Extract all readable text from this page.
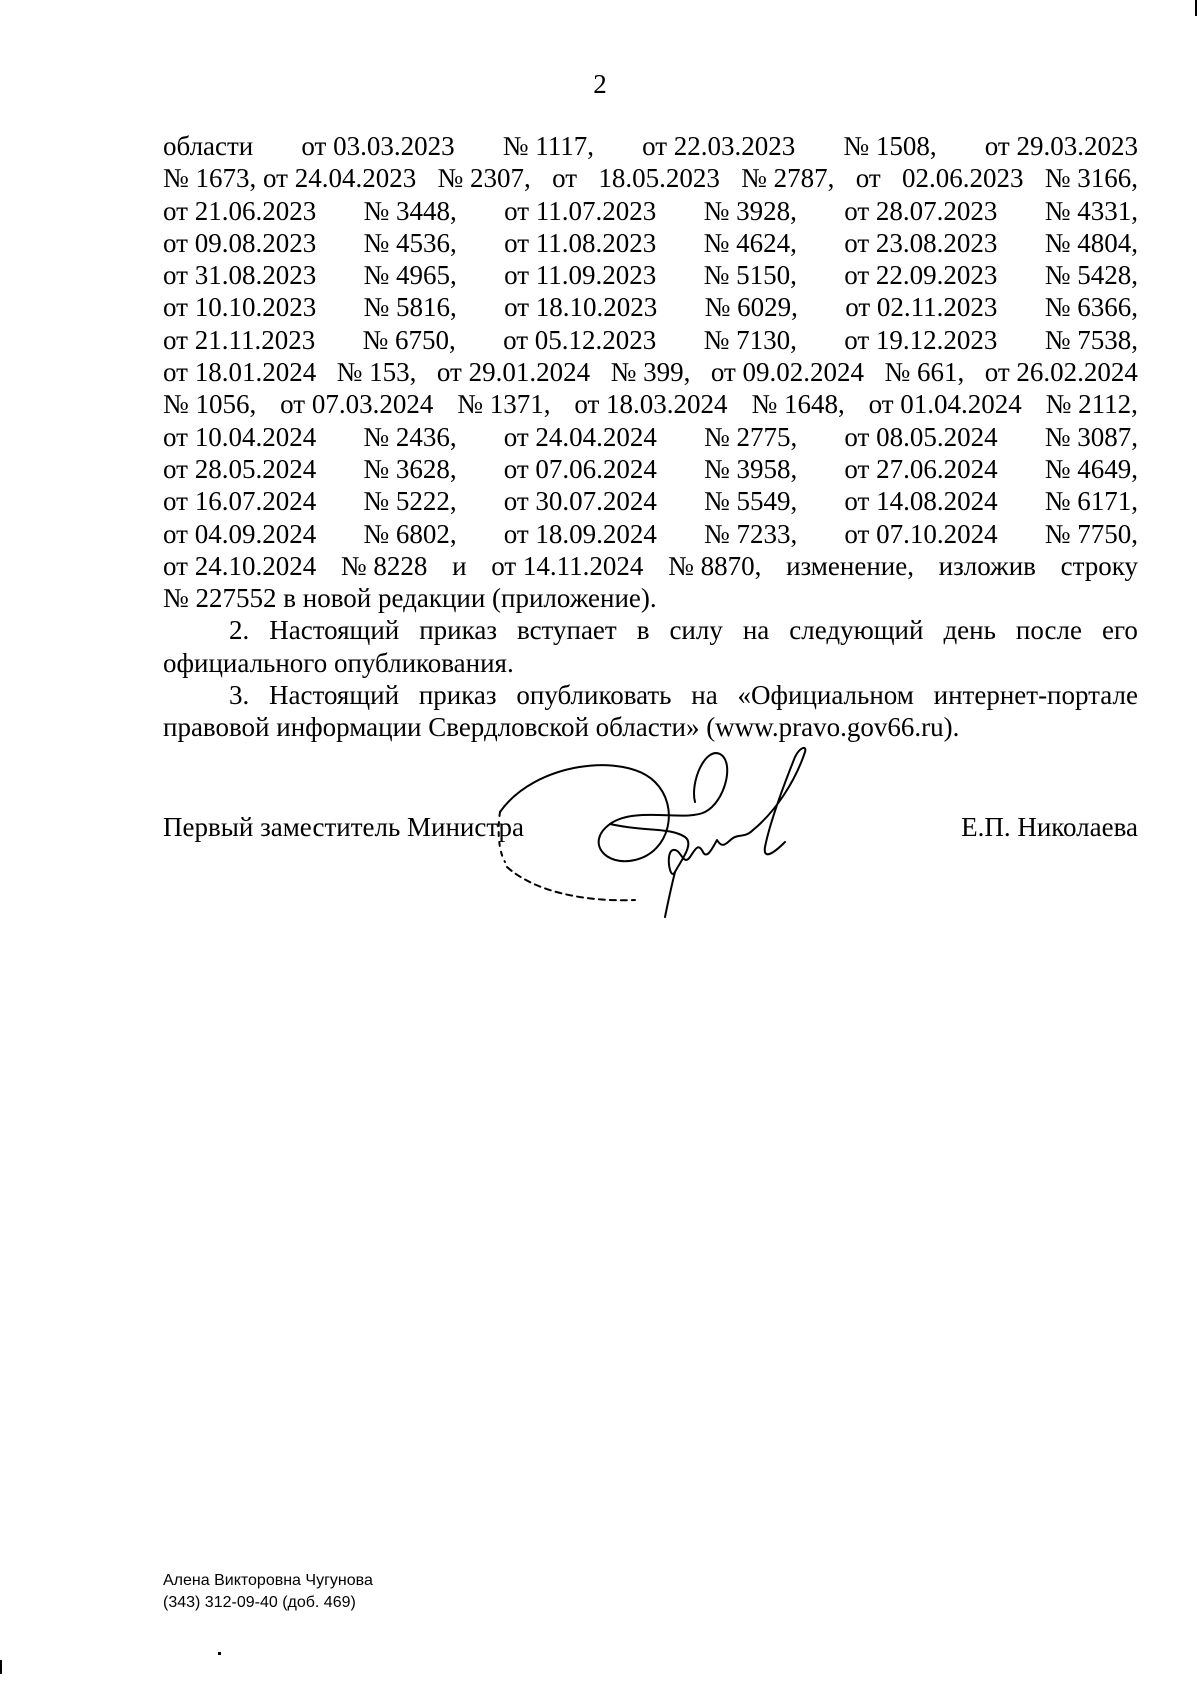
2
области от 03.03.2023 № 1117, от 22.03.2023 № 1508, от 29.03.2023
№ 1673, от 24.04.2023 № 2307, от 18.05.2023 № 2787, от 02.06.2023 № 3166,
от 21.06.2023 № 3448, от 11.07.2023 № 3928, от 28.07.2023 № 4331,
от 09.08.2023 № 4536, от 11.08.2023 № 4624, от 23.08.2023 № 4804,
от 31.08.2023 № 4965, от 11.09.2023 № 5150, от 22.09.2023 № 5428,
от 10.10.2023 № 5816, от 18.10.2023 № 6029, от 02.11.2023 № 6366,
от 21.11.2023 № 6750, от 05.12.2023 № 7130, от 19.12.2023 № 7538,
от 18.01.2024 № 153, от 29.01.2024 № 399, от 09.02.2024 № 661, от 26.02.2024
№ 1056, от 07.03.2024 № 1371, от 18.03.2024 № 1648, от 01.04.2024 № 2112,
от 10.04.2024 № 2436, от 24.04.2024 № 2775, от 08.05.2024 № 3087,
от 28.05.2024 № 3628, от 07.06.2024 № 3958, от 27.06.2024 № 4649,
от 16.07.2024 № 5222, от 30.07.2024 № 5549, от 14.08.2024 № 6171,
от 04.09.2024 № 6802, от 18.09.2024 № 7233, от 07.10.2024 № 7750,
от 24.10.2024 № 8228 и от 14.11.2024 № 8870, изменение, изложив строку
№ 227552 в новой редакции (приложение).
2. Настоящий приказ вступает в силу на следующий день после его
официального опубликования.
3. Настоящий приказ опубликовать на «Официальном интернет-портале
правовой информации Свердловской области» (www.pravo.gov66.ru).
Первый заместитель Министра	Е.П. Николаева
Алена Викторовна Чугунова
(343) 312-09-40 (доб. 469)
